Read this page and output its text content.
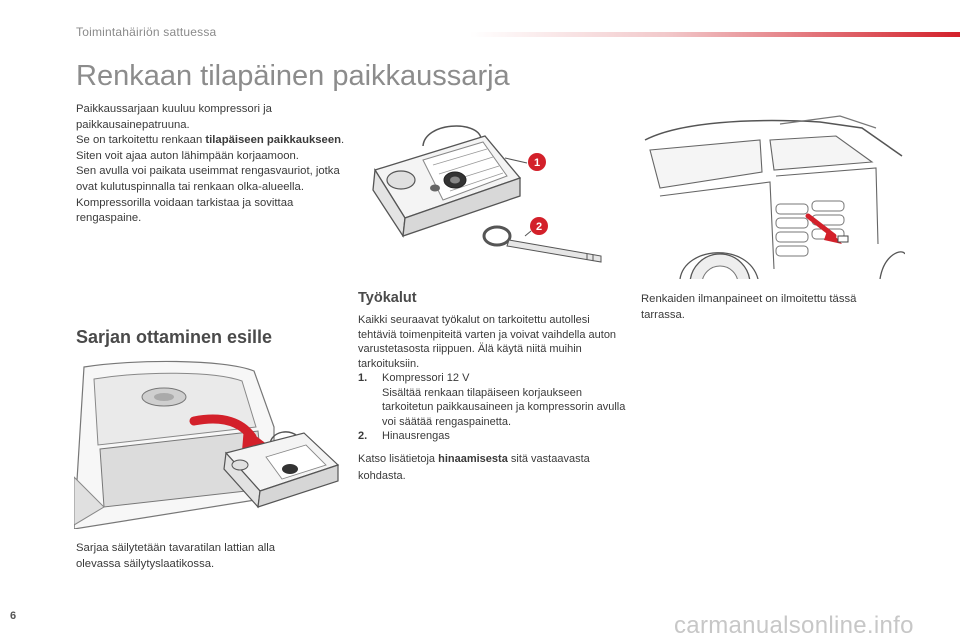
Toimintahäiriön sattuessa
Renkaan tilapäinen paikkaussarja
Paikkaussarjaan kuuluu kompressori ja paikkausainepatruuna.
Se on tarkoitettu renkaan tilapäiseen paikkaukseen.
Siten voit ajaa auton lähimpään korjaamoon.
Sen avulla voi paikata useimmat rengasvauriot, jotka ovat kulutuspinnalla tai renkaan olka-alueella.
Kompressorilla voidaan tarkistaa ja sovittaa rengaspaine.
1
2
Työkalut
Kaikki seuraavat työkalut on tarkoitettu autollesi tehtäviä toimenpiteitä varten ja voivat vaihdella auton varustetasosta riippuen. Älä käytä niitä muihin tarkoituksiin.
1.	Kompressori 12 V
Sisältää renkaan tilapäiseen korjaukseen tarkoitetun paikkausaineen ja kompressorin avulla voi säätää rengaspainetta.
2.	Hinausrengas
Katso lisätietoja hinaamisesta sitä vastaavasta kohdasta.
Renkaiden ilmanpaineet on ilmoitettu tässä tarrassa.
Sarjan ottaminen esille
Sarjaa säilytetään tavaratilan lattian alla olevassa säilytyslaatikossa.
6	carmanualsonline.info
